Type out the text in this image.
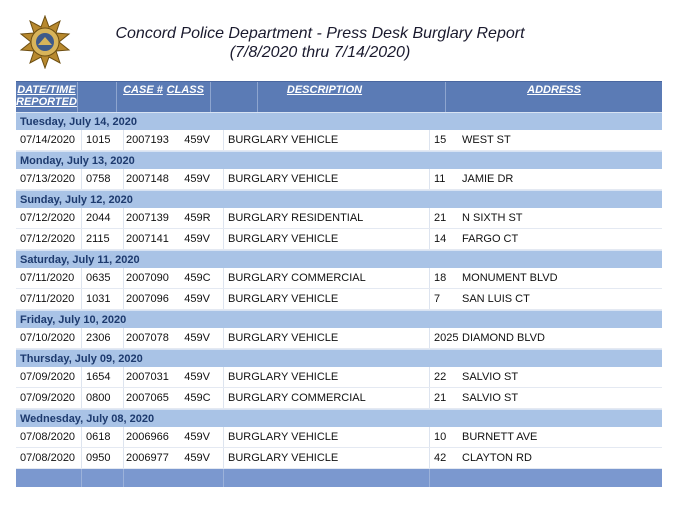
Concord Police Department - Press Desk Burglary Report
(7/8/2020 thru 7/14/2020)
DATE/TIME
REPORTED
CASE # CLASS	DESCRIPTION	ADDRESS
Tuesday, July 14, 2020
07/14/2020 1015	2007193	459V	BURGLARY VEHICLE	15	WEST ST
Monday, July 13, 2020
07/13/2020 0758	2007148	459V	BURGLARY VEHICLE	11	JAMIE DR
Sunday, July 12, 2020
07/12/2020 2044	2007139	459R	BURGLARY RESIDENTIAL	21	N SIXTH ST
07/12/2020 2115	2007141	459V	BURGLARY VEHICLE	14	FARGO CT
Saturday, July 11, 2020
07/11/2020	0635	2007090	459C	BURGLARY COMMERCIAL	18	MONUMENT BLVD
07/11/2020	1031	2007096	459V	BURGLARY VEHICLE	7	SAN LUIS CT
Friday, July 10, 2020
07/10/2020 2306	2007078	459V	BURGLARY VEHICLE	2025 DIAMOND BLVD
Thursday, July 09, 2020
07/09/2020 1654	2007031	459V	BURGLARY VEHICLE	22	SALVIO ST
07/09/2020 0800	2007065	459C	BURGLARY COMMERCIAL	21	SALVIO ST
Wednesday, July 08, 2020
07/08/2020 0618	2006966	459V	BURGLARY VEHICLE	10	BURNETT AVE
07/08/2020 0950	2006977	459V	BURGLARY VEHICLE	42	CLAYTON RD
